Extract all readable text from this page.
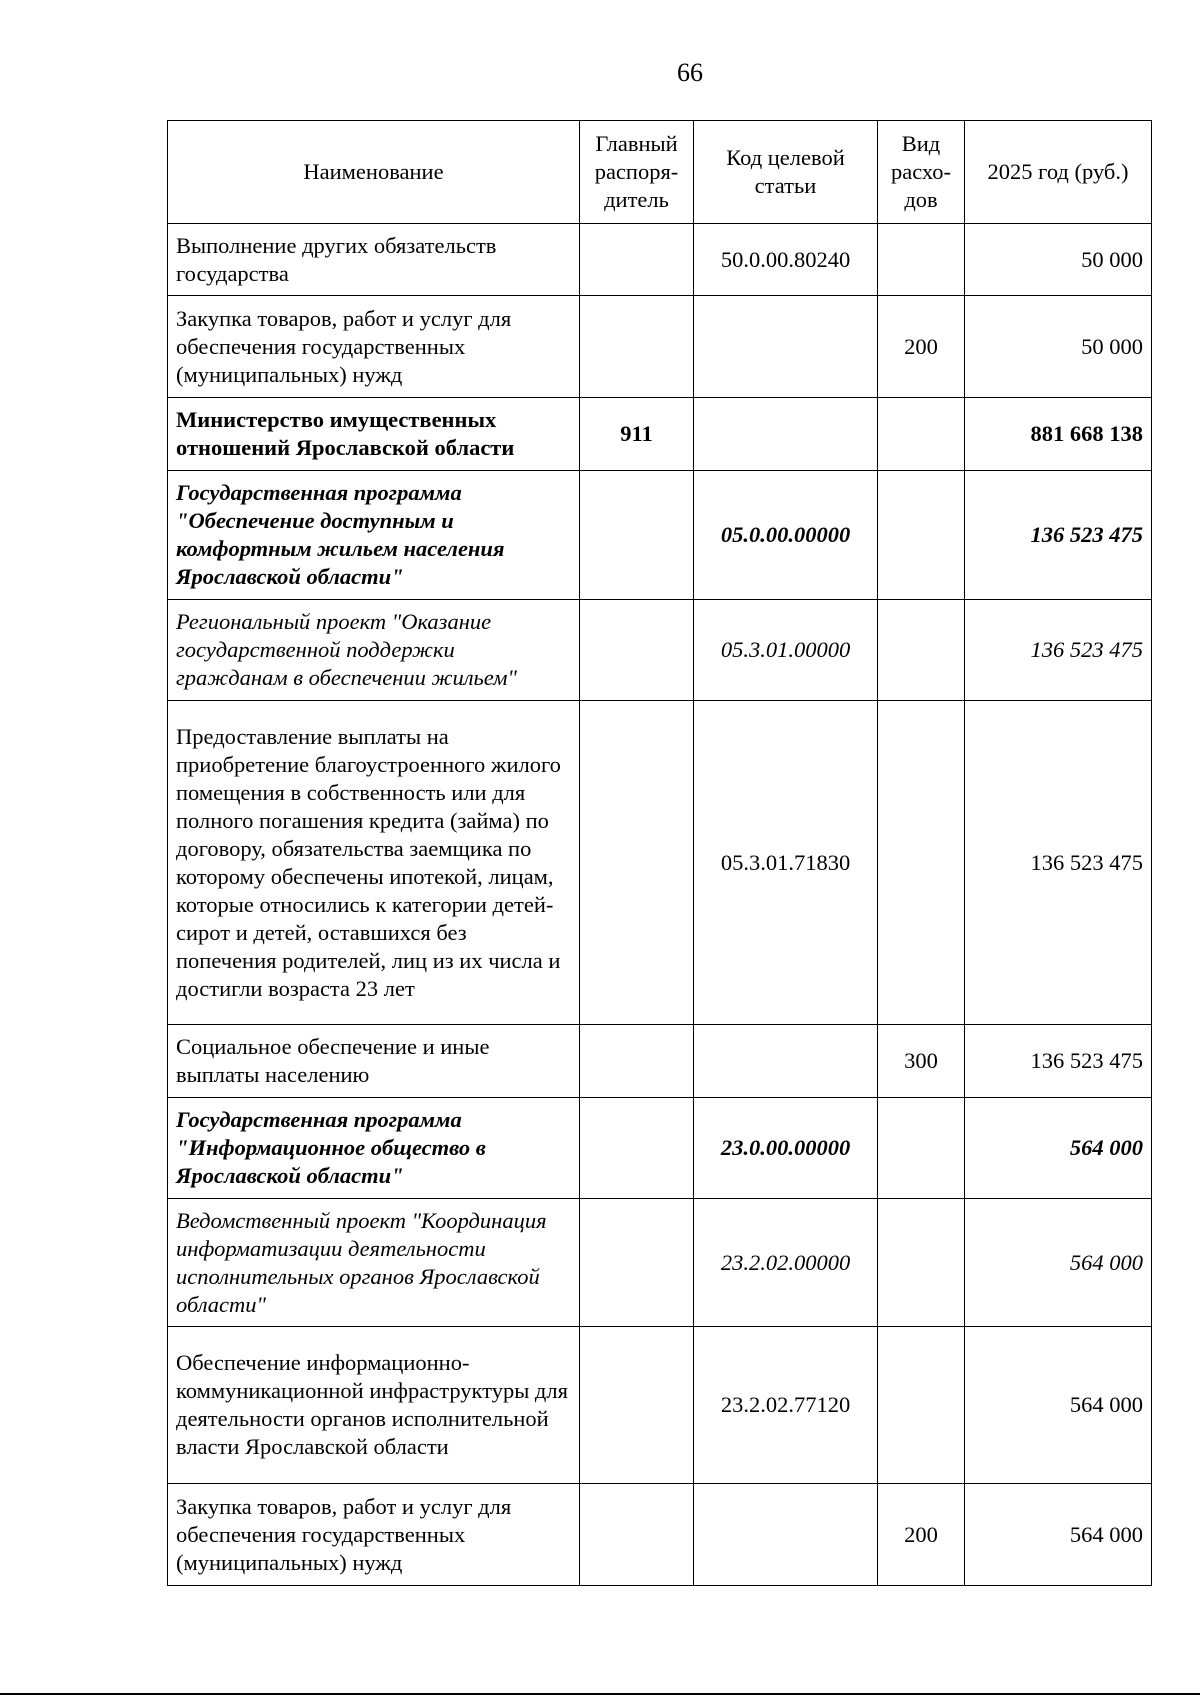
66
Наименование	Главный распоря-дитель	Код целевой статьи	Вид расхо-дов	2025 год (руб.)
Выполнение других обязательств государства		50.0.00.80240		50 000
Закупка товаров, работ и услуг для обеспечения государственных (муниципальных) нужд			200	50 000
Министерство имущественных отношений Ярославской области	911			881 668 138
Государственная программа "Обеспечение доступным и комфортным жильем населения Ярославской области"		05.0.00.00000		136 523 475
Региональный проект "Оказание государственной поддержки гражданам в обеспечении жильем"		05.3.01.00000		136 523 475
Предоставление выплаты на приобретение благоустроенного жилого помещения в собственность или для полного погашения кредита (займа) по договору, обязательства заемщика по которому обеспечены ипотекой, лицам, которые относились к категории детей-сирот и детей, оставшихся без попечения родителей, лиц из их числа и достигли возраста 23 лет		05.3.01.71830		136 523 475
Социальное обеспечение и иные выплаты населению			300	136 523 475
Государственная программа "Информационное общество в Ярославской области"		23.0.00.00000		564 000
Ведомственный проект "Координация информатизации деятельности исполнительных органов Ярославской области"		23.2.02.00000		564 000
Обеспечение информационно-коммуникационной инфраструктуры для деятельности органов исполнительной власти Ярославской области		23.2.02.77120		564 000
Закупка товаров, работ и услуг для обеспечения государственных (муниципальных) нужд			200	564 000
